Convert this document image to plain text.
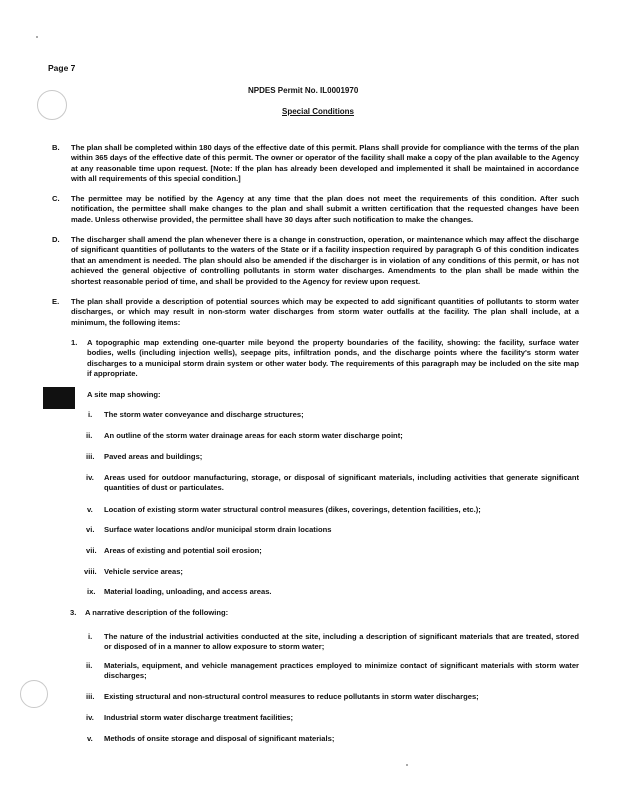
Page 7
NPDES Permit No. IL0001970
Special Conditions
B. The plan shall be completed within 180 days of the effective date of this permit. Plans shall provide for compliance with the terms of the plan within 365 days of the effective date of this permit. The owner or operator of the facility shall make a copy of the plan available to the Agency at any reasonable time upon request. [Note: If the plan has already been developed and implemented it shall be maintained in accordance with all requirements of this special condition.]
C. The permittee may be notified by the Agency at any time that the plan does not meet the requirements of this condition. After such notification, the permittee shall make changes to the plan and shall submit a written certification that the requested changes have been made. Unless otherwise provided, the permittee shall have 30 days after such notification to make the changes.
D. The discharger shall amend the plan whenever there is a change in construction, operation, or maintenance which may affect the discharge of significant quantities of pollutants to the waters of the State or if a facility inspection required by paragraph G of this condition indicates that an amendment is needed. The plan should also be amended if the discharger is in violation of any conditions of this permit, or has not achieved the general objective of controlling pollutants in storm water discharges. Amendments to the plan shall be made within the shortest reasonable period of time, and shall be provided to the Agency for review upon request.
E. The plan shall provide a description of potential sources which may be expected to add significant quantities of pollutants to storm water discharges, or which may result in non-storm water discharges from storm water outfalls at the facility. The plan shall include, at a minimum, the following items:
1. A topographic map extending one-quarter mile beyond the property boundaries of the facility, showing: the facility, surface water bodies, wells (including injection wells), seepage pits, infiltration ponds, and the discharge points where the facility's storm water discharges to a municipal storm drain system or other water body. The requirements of this paragraph may be included on the site map if appropriate.
A site map showing:
i. The storm water conveyance and discharge structures;
ii. An outline of the storm water drainage areas for each storm water discharge point;
iii. Paved areas and buildings;
iv. Areas used for outdoor manufacturing, storage, or disposal of significant materials, including activities that generate significant quantities of dust or particulates.
v. Location of existing storm water structural control measures (dikes, coverings, detention facilities, etc.);
vi. Surface water locations and/or municipal storm drain locations
vii. Areas of existing and potential soil erosion;
viii. Vehicle service areas;
ix. Material loading, unloading, and access areas.
3. A narrative description of the following:
i. The nature of the industrial activities conducted at the site, including a description of significant materials that are treated, stored or disposed of in a manner to allow exposure to storm water;
ii. Materials, equipment, and vehicle management practices employed to minimize contact of significant materials with storm water discharges;
iii. Existing structural and non-structural control measures to reduce pollutants in storm water discharges;
iv. Industrial storm water discharge treatment facilities;
v. Methods of onsite storage and disposal of significant materials;
